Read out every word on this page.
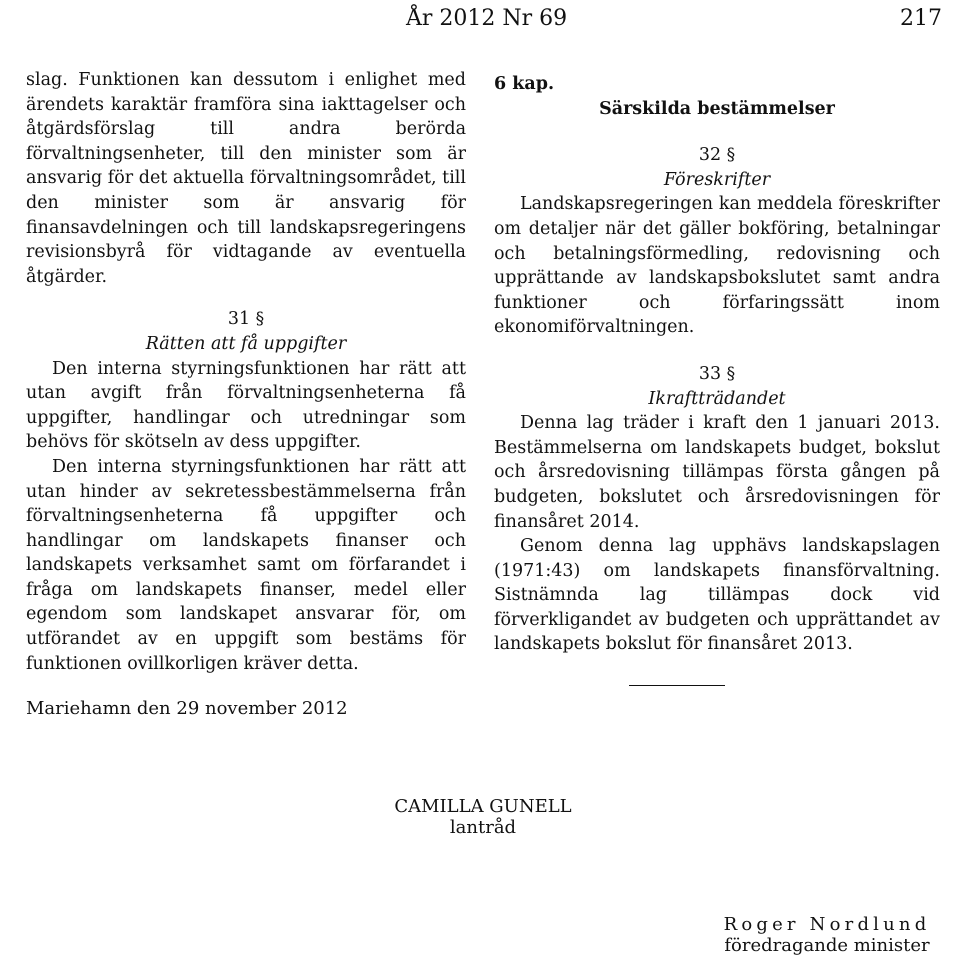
År 2012 Nr 69	217

slag. Funktionen kan dessutom i enlighet med ärendets karaktär framföra sina iakttagelser och åtgärdsförslag till andra berörda förvaltningsenheter, till den minister som är ansvarig för det aktuella förvaltningsområdet, till den minister som är ansvarig för finansavdelningen och till landskapsregeringens revisionsbyrå för vidtagande av eventuella åtgärder.

31 §
Rätten att få uppgifter

Den interna styrningsfunktionen har rätt att utan avgift från förvaltningsenheterna få uppgifter, handlingar och utredningar som behövs för skötseln av dess uppgifter.

Den interna styrningsfunktionen har rätt att utan hinder av sekretessbestämmelserna från förvaltningsenheterna få uppgifter och handlingar om landskapets finanser och landskapets verksamhet samt om förfarandet i fråga om landskapets finanser, medel eller egendom som landskapet ansvarar för, om utförandet av en uppgift som bestäms för funktionen ovillkorligen kräver detta.

6 kap.
Särskilda bestämmelser
32 §
Föreskrifter

Landskapsregeringen kan meddela föreskrifter om detaljer när det gäller bokföring, betalningar och betalningsförmedling, redovisning och upprättande av landskapsbokslutet samt andra funktioner och förfaringssätt inom ekonomiförvaltningen.

33 §
Ikraftträdandet

Denna lag träder i kraft den 1 januari 2013. Bestämmelserna om landskapets budget, bokslut och årsredovisning tillämpas första gången på budgeten, bokslutet och årsredovisningen för finansåret 2014.

Genom denna lag upphävs landskapslagen (1971:43) om landskapets finansförvaltning. Sistnämnda lag tillämpas dock vid förverkligandet av budgeten och upprättandet av landskapets bokslut för finansåret 2013.

Mariehamn den 29 november 2012
CAMILLA GUNELL
lantråd
Roger Nordlund
föredragande minister
